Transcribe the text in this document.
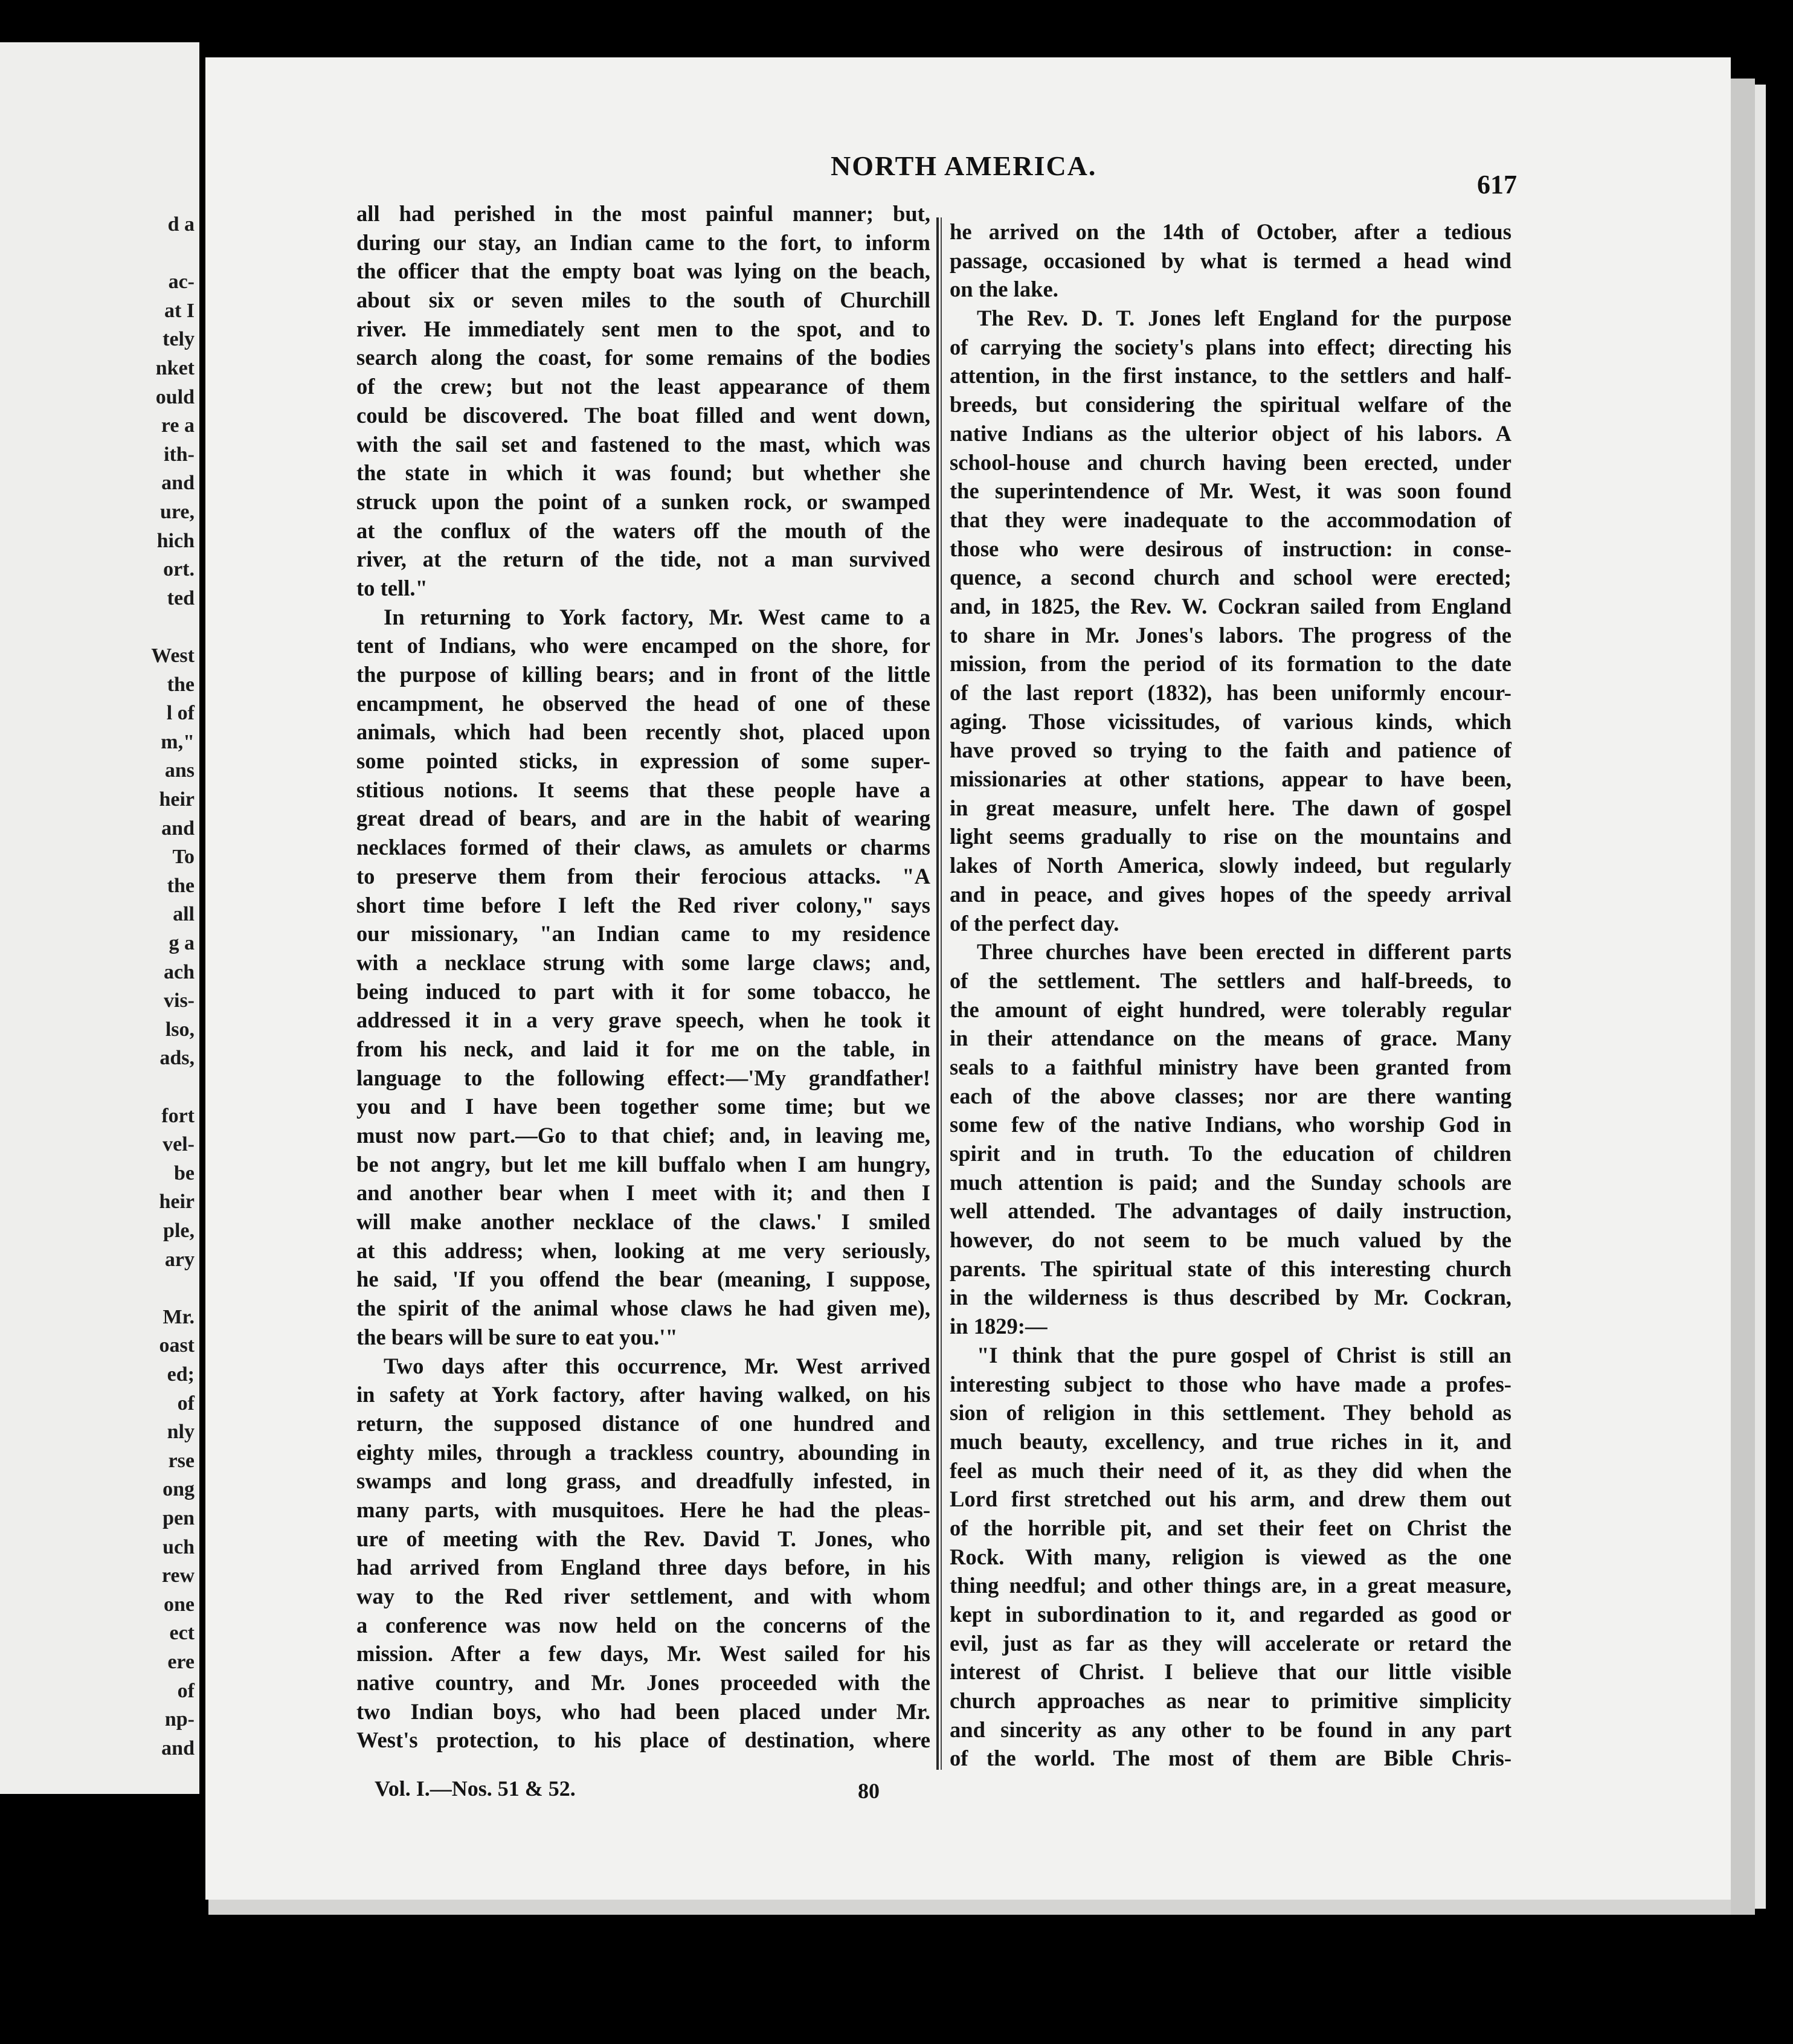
d a
ac-
at I
tely
nket
ould
re a
ith-
and
ure,
hich
ort.
ted
West
the
l of
m,"
ans
heir
and
To
the
all
g a
ach
vis-
lso,
ads,
fort
vel-
be
heir
ple,
ary
Mr.
oast
ed;
of
nly
rse
ong
pen
uch
rew
one
ect
ere
of
np-
and
NORTH AMERICA.
617
all had perished in the most painful manner; but,
during our stay, an Indian came to the fort, to inform
the officer that the empty boat was lying on the beach,
about six or seven miles to the south of Churchill
river. He immediately sent men to the spot, and to
search along the coast, for some remains of the bodies
of the crew; but not the least appearance of them
could be discovered. The boat filled and went down,
with the sail set and fastened to the mast, which was
the state in which it was found; but whether she
struck upon the point of a sunken rock, or swamped
at the conflux of the waters off the mouth of the
river, at the return of the tide, not a man survived
to tell."
In returning to York factory, Mr. West came to a
tent of Indians, who were encamped on the shore, for
the purpose of killing bears; and in front of the little
encampment, he observed the head of one of these
animals, which had been recently shot, placed upon
some pointed sticks, in expression of some super-
stitious notions. It seems that these people have a
great dread of bears, and are in the habit of wearing
necklaces formed of their claws, as amulets or charms
to preserve them from their ferocious attacks. "A
short time before I left the Red river colony," says
our missionary, "an Indian came to my residence
with a necklace strung with some large claws; and,
being induced to part with it for some tobacco, he
addressed it in a very grave speech, when he took it
from his neck, and laid it for me on the table, in
language to the following effect:—'My grandfather!
you and I have been together some time; but we
must now part.—Go to that chief; and, in leaving me,
be not angry, but let me kill buffalo when I am hungry,
and another bear when I meet with it; and then I
will make another necklace of the claws.' I smiled
at this address; when, looking at me very seriously,
he said, 'If you offend the bear (meaning, I suppose,
the spirit of the animal whose claws he had given me),
the bears will be sure to eat you.'"
Two days after this occurrence, Mr. West arrived
in safety at York factory, after having walked, on his
return, the supposed distance of one hundred and
eighty miles, through a trackless country, abounding in
swamps and long grass, and dreadfully infested, in
many parts, with musquitoes. Here he had the pleas-
ure of meeting with the Rev. David T. Jones, who
had arrived from England three days before, in his
way to the Red river settlement, and with whom
a conference was now held on the concerns of the
mission. After a few days, Mr. West sailed for his
native country, and Mr. Jones proceeded with the
two Indian boys, who had been placed under Mr.
West's protection, to his place of destination, where
he arrived on the 14th of October, after a tedious
passage, occasioned by what is termed a head wind
on the lake.
The Rev. D. T. Jones left England for the purpose
of carrying the society's plans into effect; directing his
attention, in the first instance, to the settlers and half-
breeds, but considering the spiritual welfare of the
native Indians as the ulterior object of his labors. A
school-house and church having been erected, under
the superintendence of Mr. West, it was soon found
that they were inadequate to the accommodation of
those who were desirous of instruction: in conse-
quence, a second church and school were erected;
and, in 1825, the Rev. W. Cockran sailed from England
to share in Mr. Jones's labors. The progress of the
mission, from the period of its formation to the date
of the last report (1832), has been uniformly encour-
aging. Those vicissitudes, of various kinds, which
have proved so trying to the faith and patience of
missionaries at other stations, appear to have been,
in great measure, unfelt here. The dawn of gospel
light seems gradually to rise on the mountains and
lakes of North America, slowly indeed, but regularly
and in peace, and gives hopes of the speedy arrival
of the perfect day.
Three churches have been erected in different parts
of the settlement. The settlers and half-breeds, to
the amount of eight hundred, were tolerably regular
in their attendance on the means of grace. Many
seals to a faithful ministry have been granted from
each of the above classes; nor are there wanting
some few of the native Indians, who worship God in
spirit and in truth. To the education of children
much attention is paid; and the Sunday schools are
well attended. The advantages of daily instruction,
however, do not seem to be much valued by the
parents. The spiritual state of this interesting church
in the wilderness is thus described by Mr. Cockran,
in 1829:—
"I think that the pure gospel of Christ is still an
interesting subject to those who have made a profes-
sion of religion in this settlement. They behold as
much beauty, excellency, and true riches in it, and
feel as much their need of it, as they did when the
Lord first stretched out his arm, and drew them out
of the horrible pit, and set their feet on Christ the
Rock. With many, religion is viewed as the one
thing needful; and other things are, in a great measure,
kept in subordination to it, and regarded as good or
evil, just as far as they will accelerate or retard the
interest of Christ. I believe that our little visible
church approaches as near to primitive simplicity
and sincerity as any other to be found in any part
of the world. The most of them are Bible Chris-
Vol. I.—Nos. 51 & 52.	80
